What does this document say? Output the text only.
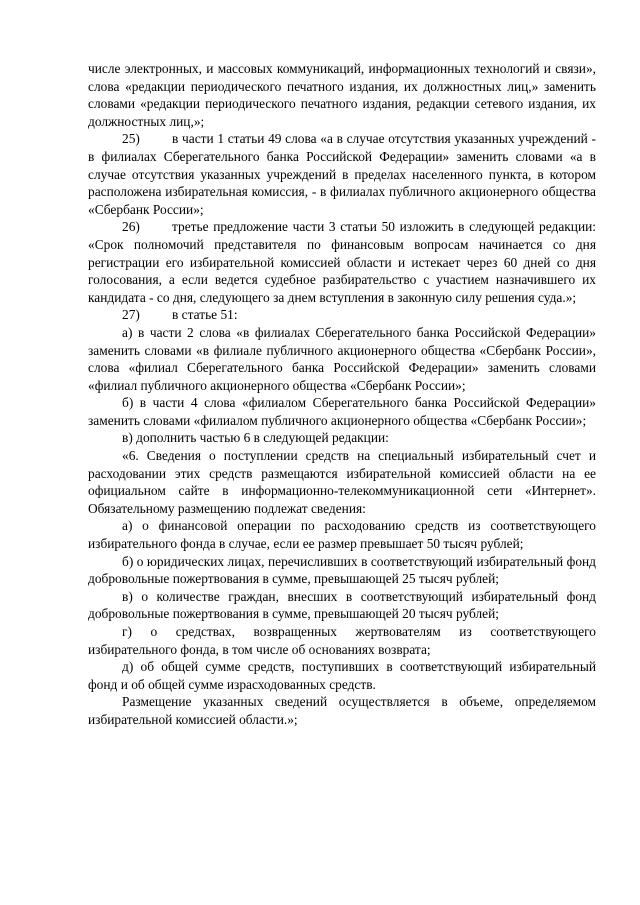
числе электронных, и массовых коммуникаций, информационных технологий и связи», слова «редакции периодического печатного издания, их должностных лиц,» заменить словами «редакции периодического печатного издания, редакции сетевого издания, их должностных лиц,»;

25) в части 1 статьи 49 слова «а в случае отсутствия указанных учреждений - в филиалах Сберегательного банка Российской Федерации» заменить словами «а в случае отсутствия указанных учреждений в пределах населенного пункта, в котором расположена избирательная комиссия, - в филиалах публичного акционерного общества «Сбербанк России»;

26) третье предложение части 3 статьи 50 изложить в следующей редакции: «Срок полномочий представителя по финансовым вопросам начинается со дня регистрации его избирательной комиссией области и истекает через 60 дней со дня голосования, а если ведется судебное разбирательство с участием назначившего их кандидата - со дня, следующего за днем вступления в законную силу решения суда.»;

27) в статье 51:

а) в части 2 слова «в филиалах Сберегательного банка Российской Федерации» заменить словами «в филиале публичного акционерного общества «Сбербанк России», слова «филиал Сберегательного банка Российской Федерации» заменить словами «филиал публичного акционерного общества «Сбербанк России»;

б) в части 4 слова «филиалом Сберегательного банка Российской Федерации» заменить словами «филиалом публичного акционерного общества «Сбербанк России»;

в) дополнить частью 6 в следующей редакции:

«6. Сведения о поступлении средств на специальный избирательный счет и расходовании этих средств размещаются избирательной комиссией области на ее официальном сайте в информационно-телекоммуникационной сети «Интернет». Обязательному размещению подлежат сведения:

а) о финансовой операции по расходованию средств из соответствующего избирательного фонда в случае, если ее размер превышает 50 тысяч рублей;

б) о юридических лицах, перечисливших в соответствующий избирательный фонд добровольные пожертвования в сумме, превышающей 25 тысяч рублей;

в) о количестве граждан, внесших в соответствующий избирательный фонд добровольные пожертвования в сумме, превышающей 20 тысяч рублей;

г) о средствах, возвращенных жертвователям из соответствующего избирательного фонда, в том числе об основаниях возврата;

д) об общей сумме средств, поступивших в соответствующий избирательный фонд и об общей сумме израсходованных средств.

Размещение указанных сведений осуществляется в объеме, определяемом избирательной комиссией области.»;
